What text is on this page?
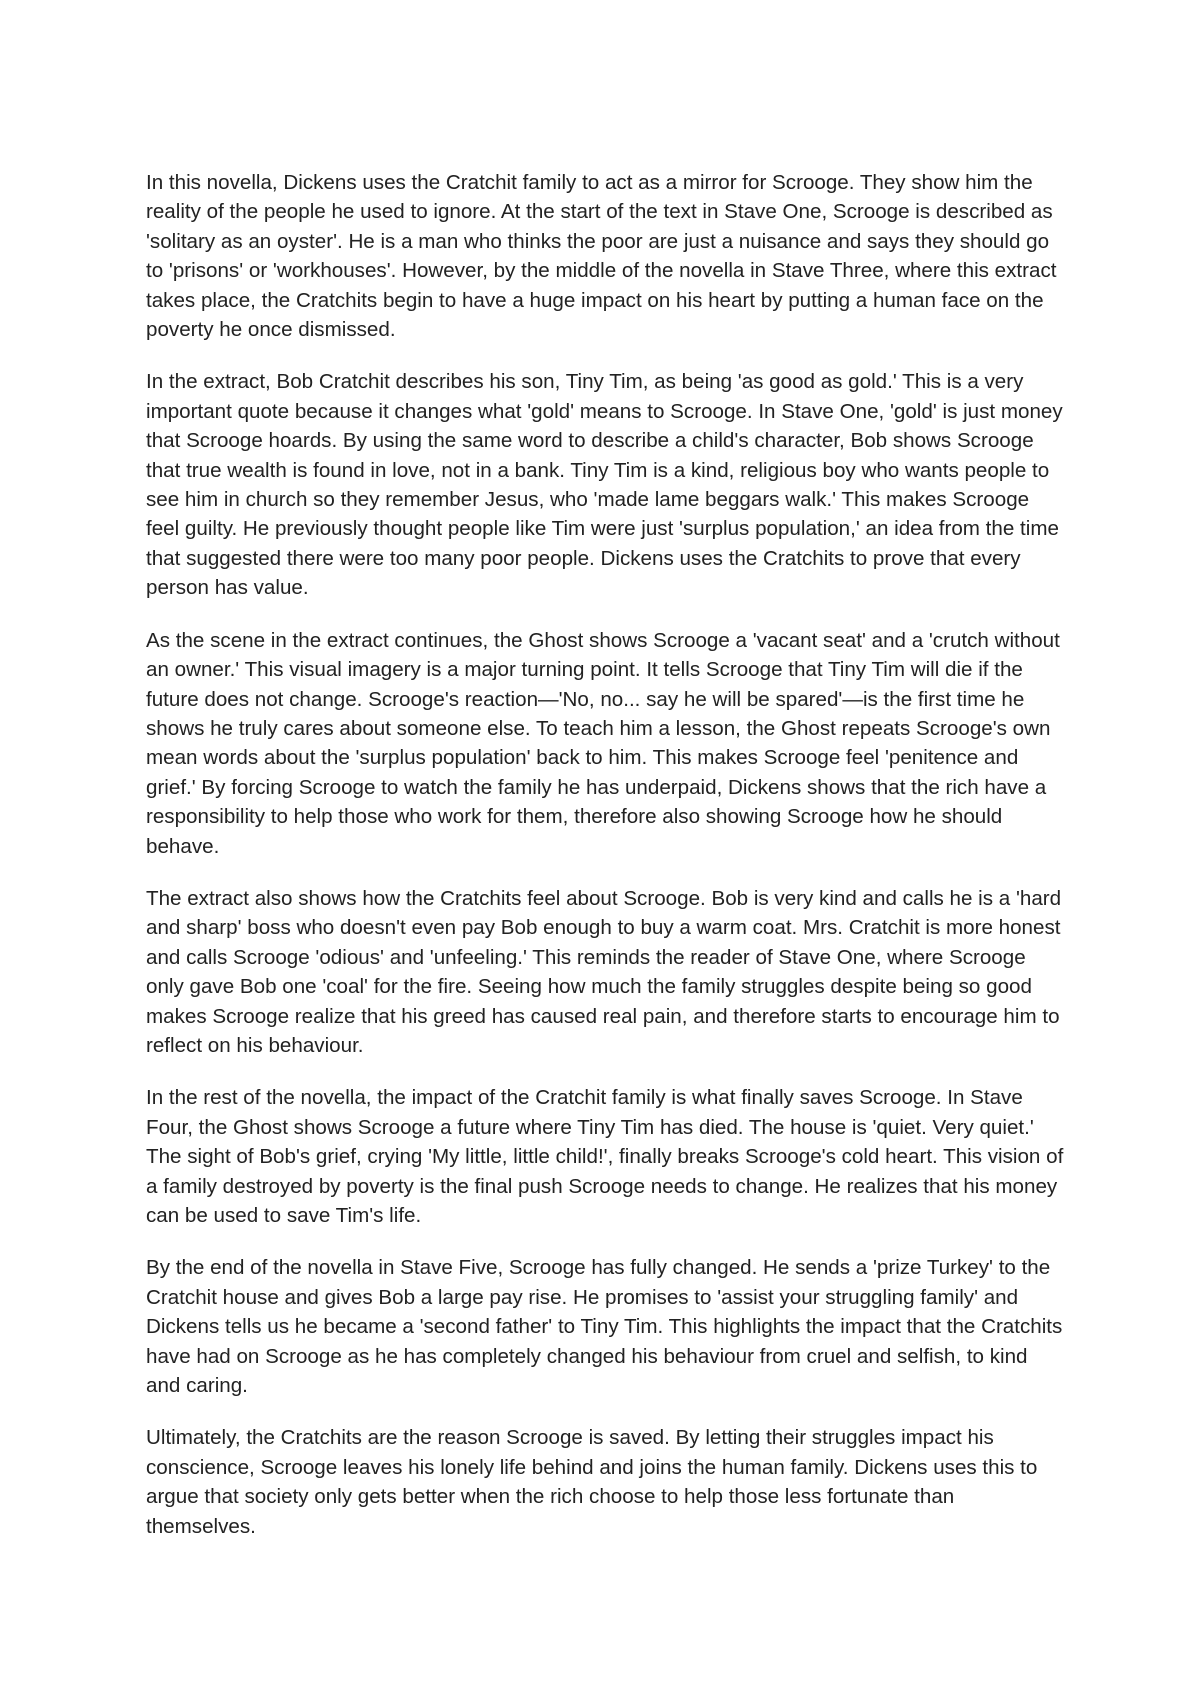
In this novella, Dickens uses the Cratchit family to act as a mirror for Scrooge. They show him the reality of the people he used to ignore. At the start of the text in Stave One, Scrooge is described as 'solitary as an oyster'. He is a man who thinks the poor are just a nuisance and says they should go to 'prisons' or 'workhouses'. However, by the middle of the novella in Stave Three, where this extract takes place, the Cratchits begin to have a huge impact on his heart by putting a human face on the poverty he once dismissed.

In the extract, Bob Cratchit describes his son, Tiny Tim, as being 'as good as gold.' This is a very important quote because it changes what 'gold' means to Scrooge. In Stave One, 'gold' is just money that Scrooge hoards. By using the same word to describe a child's character, Bob shows Scrooge that true wealth is found in love, not in a bank. Tiny Tim is a kind, religious boy who wants people to see him in church so they remember Jesus, who 'made lame beggars walk.' This makes Scrooge feel guilty. He previously thought people like Tim were just 'surplus population,' an idea from the time that suggested there were too many poor people. Dickens uses the Cratchits to prove that every person has value.

As the scene in the extract continues, the Ghost shows Scrooge a 'vacant seat' and a 'crutch without an owner.' This visual imagery is a major turning point. It tells Scrooge that Tiny Tim will die if the future does not change. Scrooge's reaction—'No, no... say he will be spared'—is the first time he shows he truly cares about someone else. To teach him a lesson, the Ghost repeats Scrooge's own mean words about the 'surplus population' back to him. This makes Scrooge feel 'penitence and grief.' By forcing Scrooge to watch the family he has underpaid, Dickens shows that the rich have a responsibility to help those who work for them, therefore also showing Scrooge how he should behave.

The extract also shows how the Cratchits feel about Scrooge. Bob is very kind and calls he is a 'hard and sharp' boss who doesn't even pay Bob enough to buy a warm coat. Mrs. Cratchit is more honest and calls Scrooge 'odious' and 'unfeeling.' This reminds the reader of Stave One, where Scrooge only gave Bob one 'coal' for the fire. Seeing how much the family struggles despite being so good makes Scrooge realize that his greed has caused real pain, and therefore starts to encourage him to reflect on his behaviour.

In the rest of the novella, the impact of the Cratchit family is what finally saves Scrooge. In Stave Four, the Ghost shows Scrooge a future where Tiny Tim has died. The house is 'quiet. Very quiet.' The sight of Bob's grief, crying 'My little, little child!', finally breaks Scrooge's cold heart. This vision of a family destroyed by poverty is the final push Scrooge needs to change. He realizes that his money can be used to save Tim's life.

By the end of the novella in Stave Five, Scrooge has fully changed. He sends a 'prize Turkey' to the Cratchit house and gives Bob a large pay rise. He promises to 'assist your struggling family' and Dickens tells us he became a 'second father' to Tiny Tim. This highlights the impact that the Cratchits have had on Scrooge as he has completely changed his behaviour from cruel and selfish, to kind and caring.

Ultimately, the Cratchits are the reason Scrooge is saved. By letting their struggles impact his conscience, Scrooge leaves his lonely life behind and joins the human family. Dickens uses this to argue that society only gets better when the rich choose to help those less fortunate than themselves.
